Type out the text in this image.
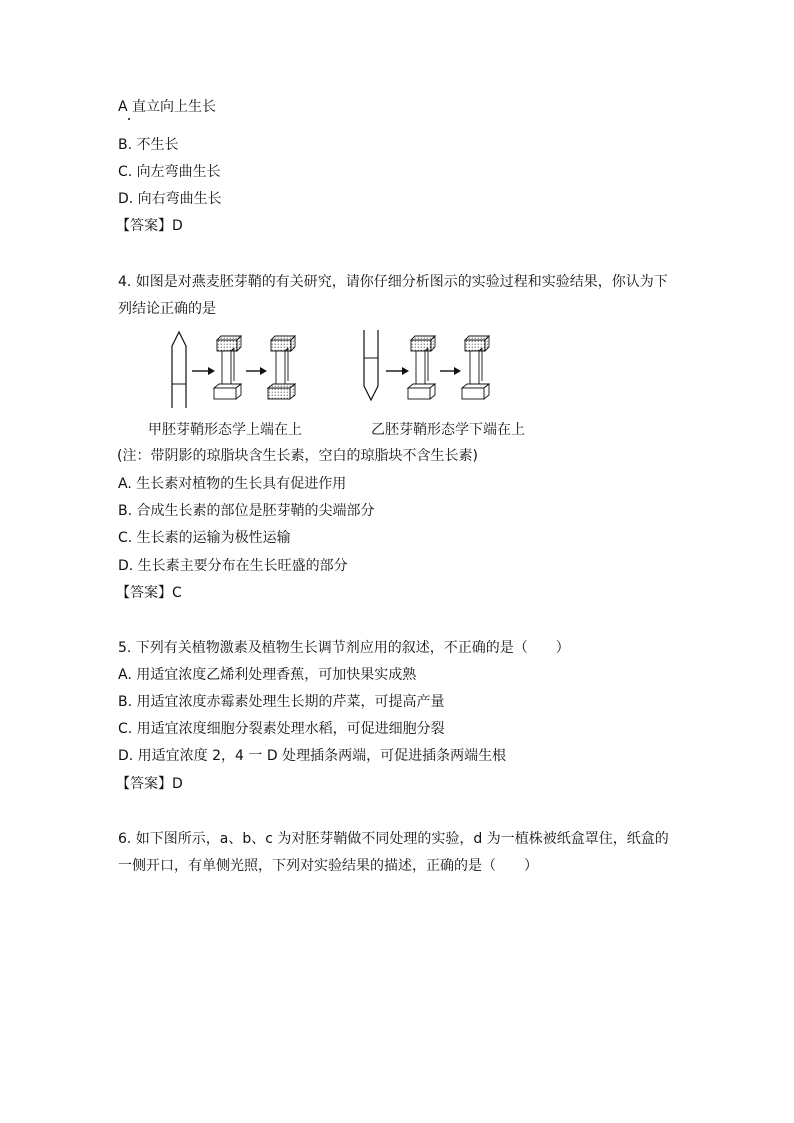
A 直立向上生长
B. 不生长
C. 向左弯曲生长
D. 向右弯曲生长
【答案】D
4. 如图是对燕麦胚芽鞘的有关研究，请你仔细分析图示的实验过程和实验结果，你认为下
列结论正确的是
甲胚芽鞘形态学上端在上	乙胚芽鞘形态学下端在上
(注：带阴影的琼脂块含生长素，空白的琼脂块不含生长素)
A. 生长素对植物的生长具有促进作用
B. 合成生长素的部位是胚芽鞘的尖端部分
C. 生长素的运输为极性运输
D. 生长素主要分布在生长旺盛的部分
【答案】C
5. 下列有关植物激素及植物生长调节剂应用的叙述，不正确的是（　　）
A. 用适宜浓度乙烯利处理香蕉，可加快果实成熟
B. 用适宜浓度赤霉素处理生长期的芹菜，可提高产量
C. 用适宜浓度细胞分裂素处理水稻，可促进细胞分裂
D. 用适宜浓度 2，4 一 D 处理插条两端，可促进插条两端生根
【答案】D
6. 如下图所示，a、b、c 为对胚芽鞘做不同处理的实验，d 为一植株被纸盒罩住，纸盒的
一侧开口，有单侧光照，下列对实验结果的描述，正确的是（　　）
